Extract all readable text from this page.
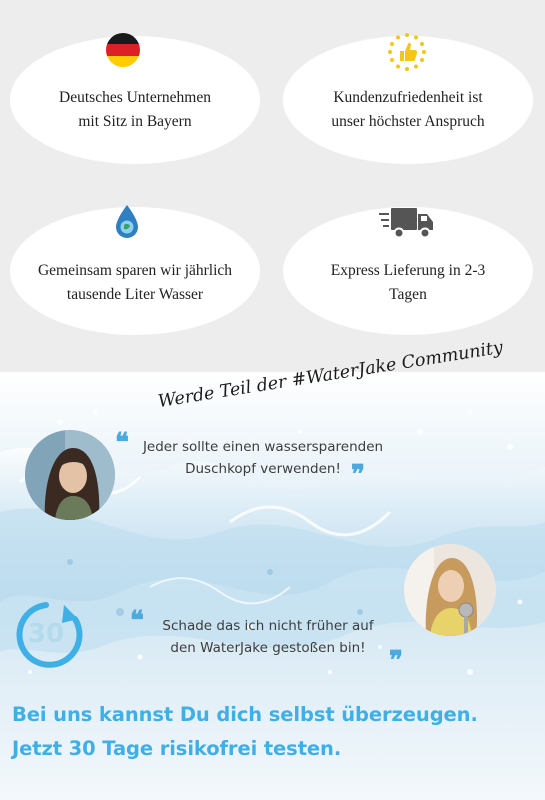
Deutsches Unternehmen
mit Sitz in Bayern
Kundenzufriedenheit ist
unser höchster Anspruch
Gemeinsam sparen wir jährlich
tausende Liter Wasser
Express Lieferung in 2-3
Tagen
Werde Teil der #WaterJake Community
❝	Jeder sollte einen wassersparenden
Duschkopf verwenden! ❞
❝	Schade das ich nicht früher auf
den WaterJake gestoßen bin! ❞
30
Bei uns kannst Du dich selbst überzeugen.
Jetzt 30 Tage risikofrei testen.
